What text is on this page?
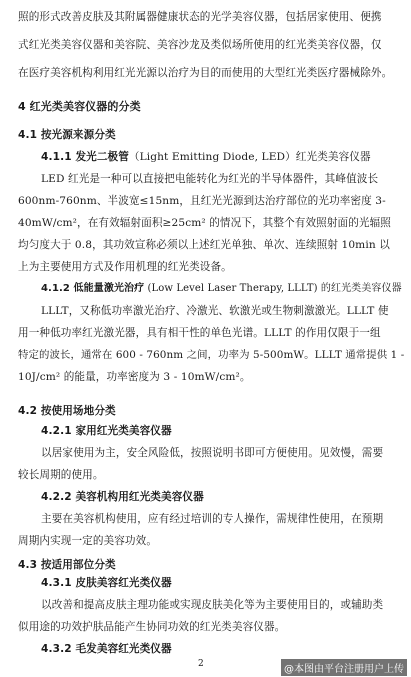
照的形式改善皮肤及其附属器健康状态的光学美容仪器，包括居家使用、便携
式红光类美容仪器和美容院、美容沙龙及类似场所使用的红光类美容仪器，仅
在医疗美容机构利用红光光源以治疗为目的而使用的大型红光类医疗器械除外。
4 红光类美容仪器的分类
4.1 按光源来源分类
4.1.1 发光二极管（Light Emitting Diode, LED）红光类美容仪器
LED 红光是一种可以直接把电能转化为红光的半导体器件，其峰值波长
600nm-760nm、半波宽≤15nm，且红光光源到达治疗部位的光功率密度 3-
40mW/cm²，在有效辐射面积≥25cm² 的情况下，其整个有效照射面的光辐照
均匀度大于 0.8，其功效宣称必须以上述红光单独、单次、连续照射 10min 以
上为主要使用方式及作用机理的红光类设备。
4.1.2 低能量激光治疗 (Low Level Laser Therapy, LLLT) 的红光类美容仪器
LLLT，又称低功率激光治疗、冷激光、软激光或生物刺激激光。LLLT 使
用一种低功率红光激光器，具有相干性的单色光谱。LLLT 的作用仅限于一组
特定的波长，通常在 600 - 760nm 之间，功率为 5-500mW。LLLT 通常提供 1 -
10J/cm² 的能量，功率密度为 3 - 10mW/cm²。
4.2 按使用场地分类
4.2.1 家用红光类美容仪器
以居家使用为主，安全风险低，按照说明书即可方便使用。见效慢，需要
较长周期的使用。
4.2.2 美容机构用红光类美容仪器
主要在美容机构使用，应有经过培训的专人操作，需规律性使用，在预期
周期内实现一定的美容功效。
4.3 按适用部位分类
4.3.1 皮肤美容红光类仪器
以改善和提高皮肤主理功能或实现皮肤美化等为主要使用目的，或辅助类
似用途的功效护肤品能产生协同功效的红光类美容仪器。
4.3.2 毛发美容红光类仪器
2	@本图由平台注册用户上传
